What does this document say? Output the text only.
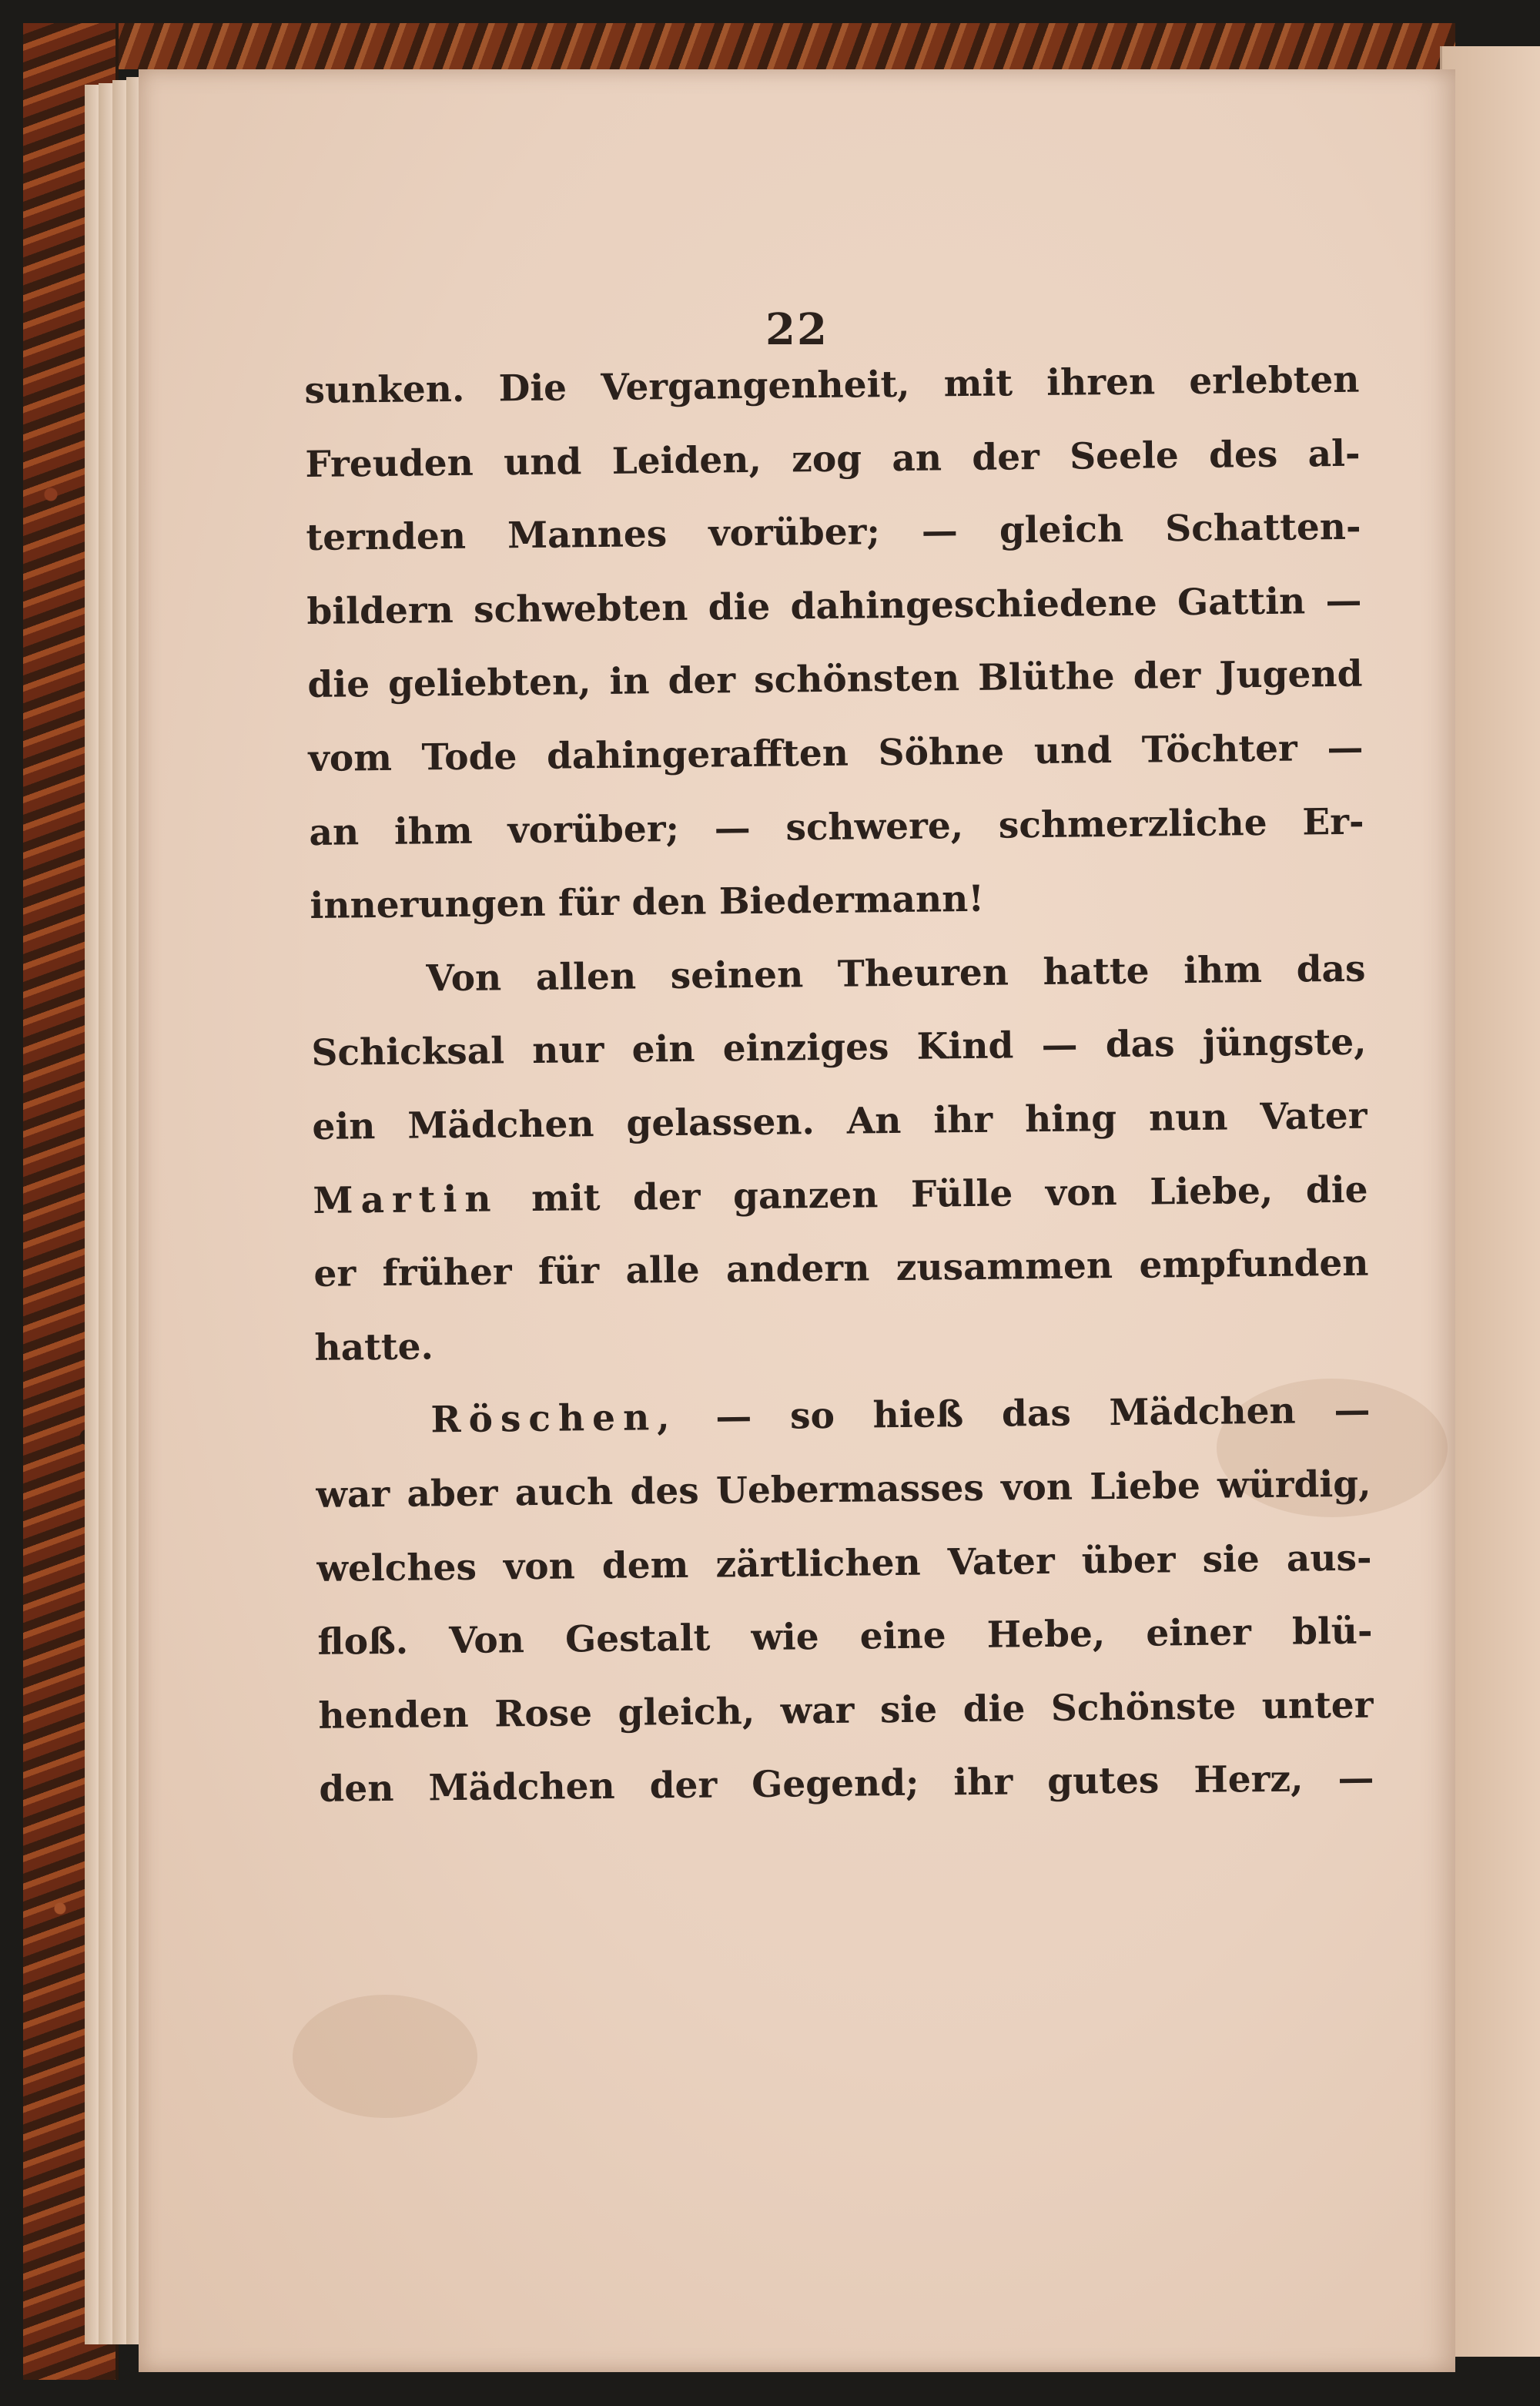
22
sunken. Die Vergangenheit, mit ihren erlebten
Freuden und Leiden, zog an der Seele des al-
ternden Mannes vorüber; — gleich Schatten-
bildern schwebten die dahingeschiedene Gattin —
die geliebten, in der schönsten Blüthe der Jugend
vom Tode dahingerafften Söhne und Töchter —
an ihm vorüber; — schwere, schmerzliche Er-
innerungen für den Biedermann!
Von allen seinen Theuren hatte ihm das
Schicksal nur ein einziges Kind — das jüngste,
ein Mädchen gelassen. An ihr hing nun Vater
Martin mit der ganzen Fülle von Liebe, die
er früher für alle andern zusammen empfunden
hatte.
Röschen, — so hieß das Mädchen —
war aber auch des Uebermasses von Liebe würdig,
welches von dem zärtlichen Vater über sie aus-
floß. Von Gestalt wie eine Hebe, einer blü-
henden Rose gleich, war sie die Schönste unter
den Mädchen der Gegend; ihr gutes Herz, —
